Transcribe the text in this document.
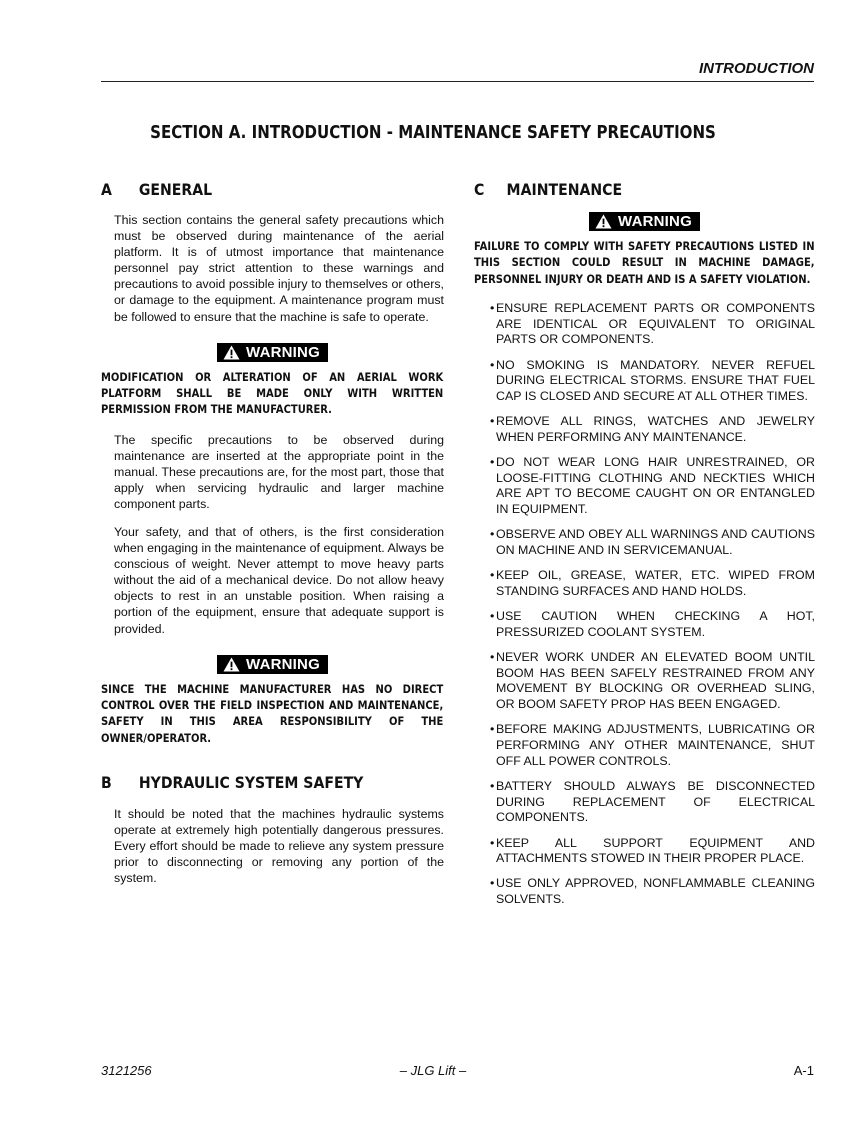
INTRODUCTION
SECTION A. INTRODUCTION - MAINTENANCE SAFETY PRECAUTIONS
A	GENERAL

This section contains the general safety precautions which must be observed during maintenance of the aerial platform. It is of utmost importance that maintenance personnel pay strict attention to these warnings and precautions to avoid possible injury to themselves or others, or damage to the equipment. A maintenance program must be followed to ensure that the machine is safe to operate.

WARNING
MODIFICATION OR ALTERATION OF AN AERIAL WORK PLATFORM SHALL BE MADE ONLY WITH WRITTEN PERMISSION FROM THE MANUFACTURER.

The specific precautions to be observed during maintenance are inserted at the appropriate point in the manual. These precautions are, for the most part, those that apply when servicing hydraulic and larger machine component parts.

Your safety, and that of others, is the first consideration when engaging in the maintenance of equipment. Always be conscious of weight. Never attempt to move heavy parts without the aid of a mechanical device. Do not allow heavy objects to rest in an unstable position. When raising a portion of the equipment, ensure that adequate support is provided.

WARNING
SINCE THE MACHINE MANUFACTURER HAS NO DIRECT CONTROL OVER THE FIELD INSPECTION AND MAINTENANCE, SAFETY IN THIS AREA RESPONSIBILITY OF THE OWNER/OPERATOR.
B	HYDRAULIC SYSTEM SAFETY

It should be noted that the machines hydraulic systems operate at extremely high potentially dangerous pressures. Every effort should be made to relieve any system pressure prior to disconnecting or removing any portion of the system.

C	MAINTENANCE
WARNING
FAILURE TO COMPLY WITH SAFETY PRECAUTIONS LISTED IN THIS SECTION COULD RESULT IN MACHINE DAMAGE, PERSONNEL INJURY OR DEATH AND IS A SAFETY VIOLATION.
• ENSURE REPLACEMENT PARTS OR COMPONENTS ARE IDENTICAL OR EQUIVALENT TO ORIGINAL PARTS OR COMPONENTS.
• NO SMOKING IS MANDATORY. NEVER REFUEL DURING ELECTRICAL STORMS. ENSURE THAT FUEL CAP IS CLOSED AND SECURE AT ALL OTHER TIMES.
• REMOVE ALL RINGS, WATCHES AND JEWELRY WHEN PERFORMING ANY MAINTENANCE.
• DO NOT WEAR LONG HAIR UNRESTRAINED, OR LOOSE-FITTING CLOTHING AND NECKTIES WHICH ARE APT TO BECOME CAUGHT ON OR ENTANGLED IN EQUIPMENT.
• OBSERVE AND OBEY ALL WARNINGS AND CAUTIONS ON MACHINE AND IN SERVICEMANUAL.
• KEEP OIL, GREASE, WATER, ETC. WIPED FROM STANDING SURFACES AND HAND HOLDS.
• USE CAUTION WHEN CHECKING A HOT, PRESSURIZED COOLANT SYSTEM.
• NEVER WORK UNDER AN ELEVATED BOOM UNTIL BOOM HAS BEEN SAFELY RESTRAINED FROM ANY MOVEMENT BY BLOCKING OR OVERHEAD SLING, OR BOOM SAFETY PROP HAS BEEN ENGAGED.
• BEFORE MAKING ADJUSTMENTS, LUBRICATING OR PERFORMING ANY OTHER MAINTENANCE, SHUT OFF ALL POWER CONTROLS.
• BATTERY SHOULD ALWAYS BE DISCONNECTED DURING REPLACEMENT OF ELECTRICAL COMPONENTS.
• KEEP ALL SUPPORT EQUIPMENT AND ATTACHMENTS STOWED IN THEIR PROPER PLACE.
• USE ONLY APPROVED, NONFLAMMABLE CLEANING SOLVENTS.
3121256	– JLG Lift –	A-1
